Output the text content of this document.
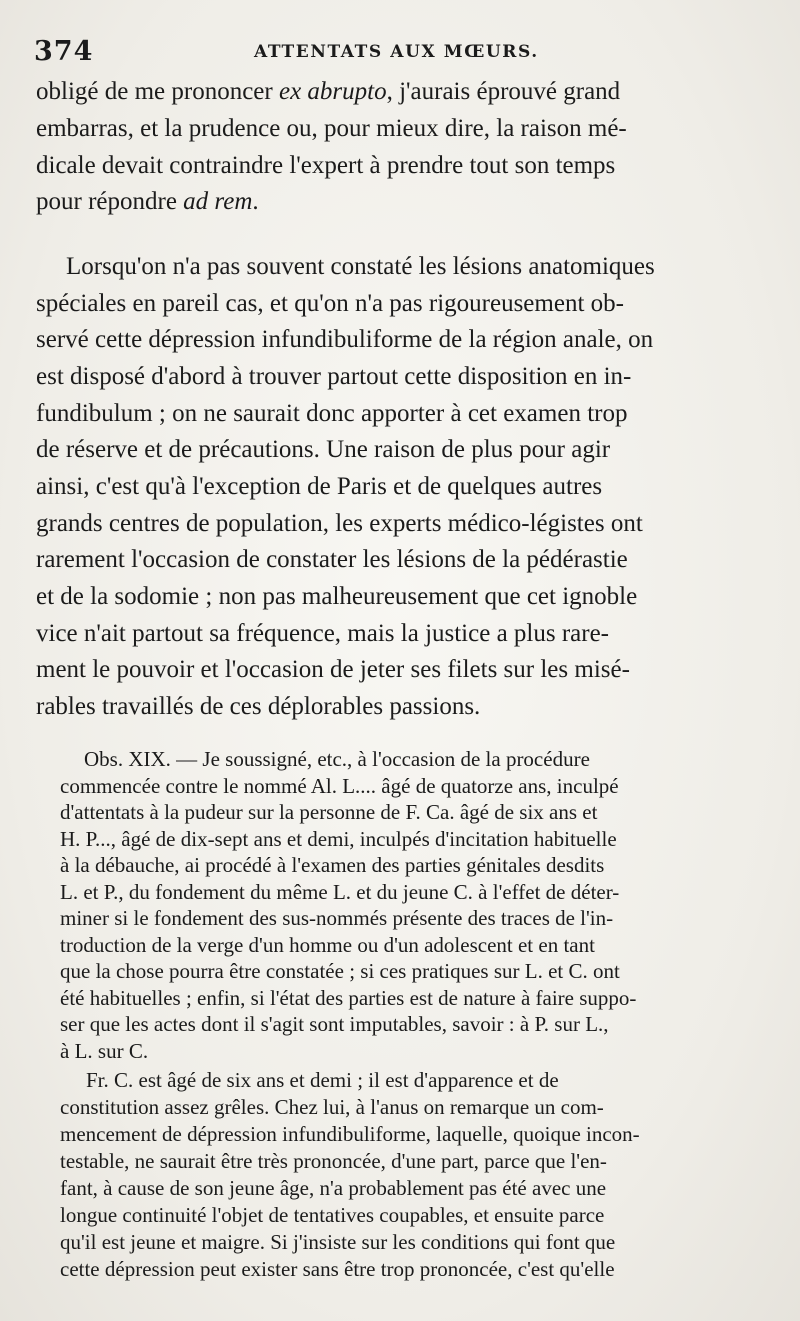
374	ATTENTATS AUX MŒURS.
obligé de me prononcer ex abrupto, j'aurais éprouvé grand
embarras, et la prudence ou, pour mieux dire, la raison mé-
dicale devait contraindre l'expert à prendre tout son temps
pour répondre ad rem.
Lorsqu'on n'a pas souvent constaté les lésions anatomiques
spéciales en pareil cas, et qu'on n'a pas rigoureusement ob-
servé cette dépression infundibuliforme de la région anale, on
est disposé d'abord à trouver partout cette disposition en in-
fundibulum ; on ne saurait donc apporter à cet examen trop
de réserve et de précautions. Une raison de plus pour agir
ainsi, c'est qu'à l'exception de Paris et de quelques autres
grands centres de population, les experts médico-légistes ont
rarement l'occasion de constater les lésions de la pédérastie
et de la sodomie ; non pas malheureusement que cet ignoble
vice n'ait partout sa fréquence, mais la justice a plus rare-
ment le pouvoir et l'occasion de jeter ses filets sur les misé-
rables travaillés de ces déplorables passions.
Obs. XIX. — Je soussigné, etc., à l'occasion de la procédure
commencée contre le nommé Al. L.... âgé de quatorze ans, inculpé
d'attentats à la pudeur sur la personne de F. Ca. âgé de six ans et
H. P..., âgé de dix-sept ans et demi, inculpés d'incitation habituelle
à la débauche, ai procédé à l'examen des parties génitales desdits
L. et P., du fondement du même L. et du jeune C. à l'effet de déter-
miner si le fondement des sus-nommés présente des traces de l'in-
troduction de la verge d'un homme ou d'un adolescent et en tant
que la chose pourra être constatée ; si ces pratiques sur L. et C. ont
été habituelles ; enfin, si l'état des parties est de nature à faire suppo-
ser que les actes dont il s'agit sont imputables, savoir : à P. sur L.,
à L. sur C.
Fr. C. est âgé de six ans et demi ; il est d'apparence et de
constitution assez grêles. Chez lui, à l'anus on remarque un com-
mencement de dépression infundibuliforme, laquelle, quoique incon-
testable, ne saurait être très prononcée, d'une part, parce que l'en-
fant, à cause de son jeune âge, n'a probablement pas été avec une
longue continuité l'objet de tentatives coupables, et ensuite parce
qu'il est jeune et maigre. Si j'insiste sur les conditions qui font que
cette dépression peut exister sans être trop prononcée, c'est qu'elle
